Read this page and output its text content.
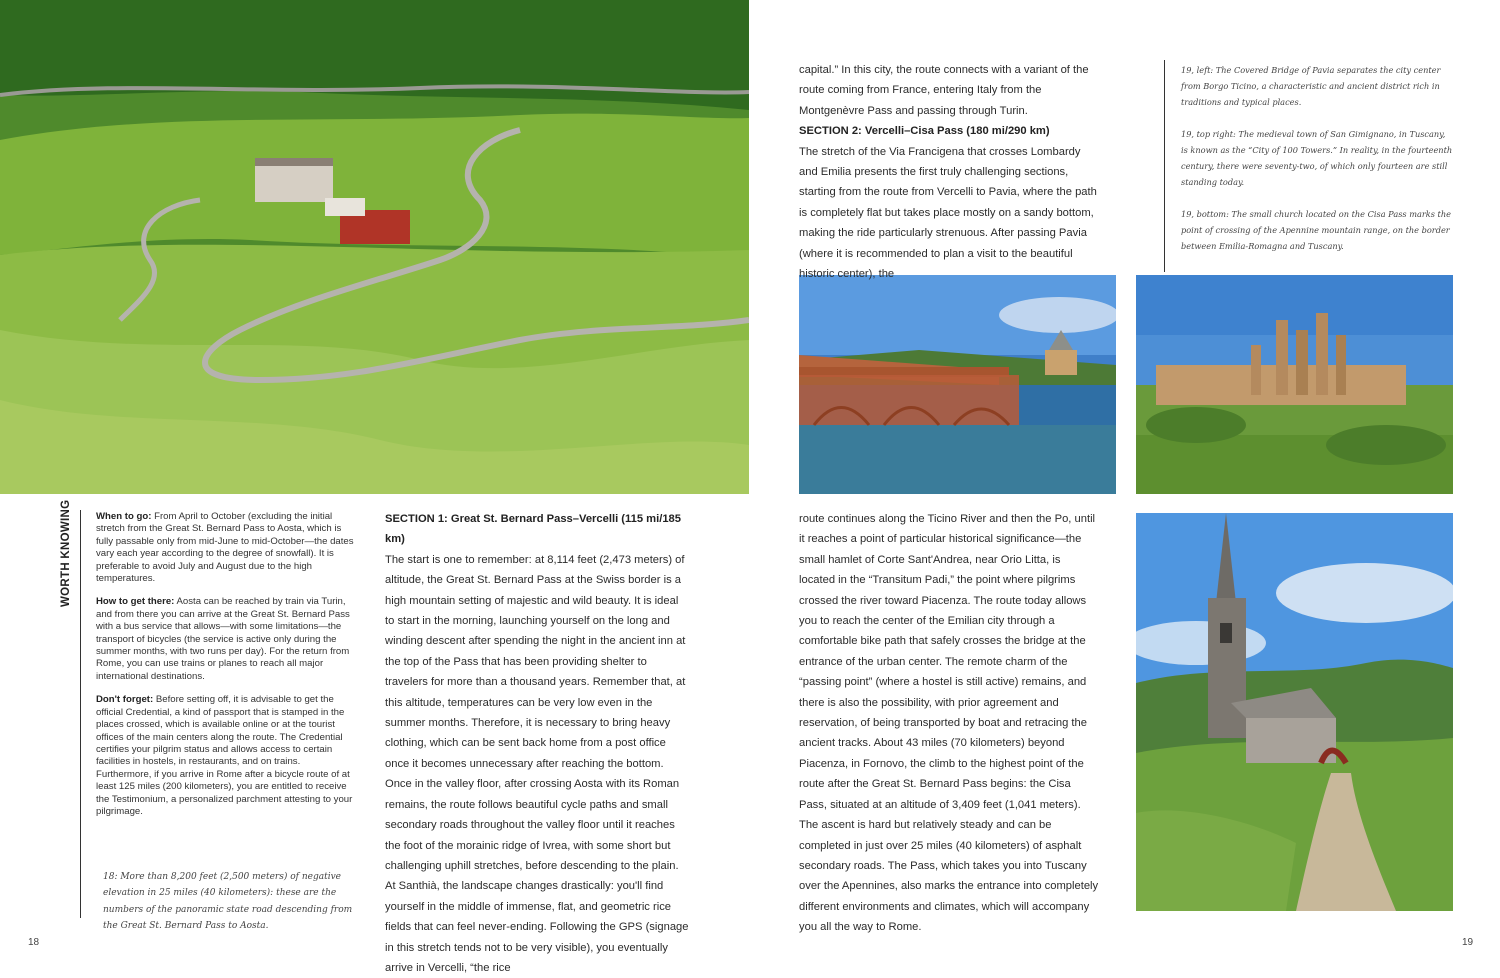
WORTH KNOWING	When to go: From April to October (excluding the initial stretch from the Great St. Bernard Pass to Aosta, which is fully passable only from mid-June to mid-October—the dates vary each year according to the degree of snowfall). It is preferable to avoid July and August due to the high temperatures.

How to get there: Aosta can be reached by train via Turin, and from there you can arrive at the Great St. Bernard Pass with a bus service that allows—with some limitations—the transport of bicycles (the service is active only during the summer months, with two runs per day). For the return from Rome, you can use trains or planes to reach all major international destinations.

Don't forget: Before setting off, it is advisable to get the official Credential, a kind of passport that is stamped in the places crossed, which is available online or at the tourist offices of the main centers along the route. The Credential certifies your pilgrim status and allows access to certain facilities in hostels, in restaurants, and on trains. Furthermore, if you arrive in Rome after a bicycle route of at least 125 miles (200 kilometers), you are entitled to receive the Testimonium, a personalized parchment attesting to your pilgrimage.

18: More than 8,200 feet (2,500 meters) of negative elevation in 25 miles (40 kilometers): these are the numbers of the panoramic state road descending from the Great St. Bernard Pass to Aosta.

SECTION 1: Great St. Bernard Pass–Vercelli (115 mi/185 km)

The start is one to remember: at 8,114 feet (2,473 meters) of altitude, the Great St. Bernard Pass at the Swiss border is a high mountain setting of majestic and wild beauty. It is ideal to start in the morning, launching yourself on the long and winding descent after spending the night in the ancient inn at the top of the Pass that has been providing shelter to travelers for more than a thousand years. Remember that, at this altitude, temperatures can be very low even in the summer months. Therefore, it is necessary to bring heavy clothing, which can be sent back home from a post office once it becomes unnecessary after reaching the bottom. Once in the valley floor, after crossing Aosta with its Roman remains, the route follows beautiful cycle paths and small secondary roads throughout the valley floor until it reaches the foot of the morainic ridge of Ivrea, with some short but challenging uphill stretches, before descending to the plain. At Santhià, the landscape changes drastically: you'll find yourself in the middle of immense, flat, and geometric rice fields that can feel never-ending. Following the GPS (signage in this stretch tends not to be very visible), you eventually arrive in Vercelli, “the rice

capital.” In this city, the route connects with a variant of the route coming from France, entering Italy from the Montgenèvre Pass and passing through Turin.

SECTION 2: Vercelli–Cisa Pass (180 mi/290 km)

The stretch of the Via Francigena that crosses Lombardy and Emilia presents the first truly challenging sections, starting from the route from Vercelli to Pavia, where the path is completely flat but takes place mostly on a sandy bottom, making the ride particularly strenuous. After passing Pavia (where it is recommended to plan a visit to the beautiful historic center), the

route continues along the Ticino River and then the Po, until it reaches a point of particular historical significance—the small hamlet of Corte Sant'Andrea, near Orio Litta, is located in the “Transitum Padi,” the point where pilgrims crossed the river toward Piacenza. The route today allows you to reach the center of the Emilian city through a comfortable bike path that safely crosses the bridge at the entrance of the urban center. The remote charm of the “passing point” (where a hostel is still active) remains, and there is also the possibility, with prior agreement and reservation, of being transported by boat and retracing the ancient tracks. About 43 miles (70 kilometers) beyond Piacenza, in Fornovo, the climb to the highest point of the route after the Great St. Bernard Pass begins: the Cisa Pass, situated at an altitude of 3,409 feet (1,041 meters). The ascent is hard but relatively steady and can be completed in just over 25 miles (40 kilometers) of asphalt secondary roads. The Pass, which takes you into Tuscany over the Apennines, also marks the entrance into completely different environments and climates, which will accompany you all the way to Rome.

19, left: The Covered Bridge of Pavia separates the city center from Borgo Ticino, a characteristic and ancient district rich in traditions and typical places.

19, top right: The medieval town of San Gimignano, in Tuscany, is known as the “City of 100 Towers.” In reality, in the fourteenth century, there were seventy-two, of which only fourteen are still standing today.

19, bottom: The small church located on the Cisa Pass marks the point of crossing of the Apennine mountain range, on the border between Emilia-Romagna and Tuscany.

18	19
